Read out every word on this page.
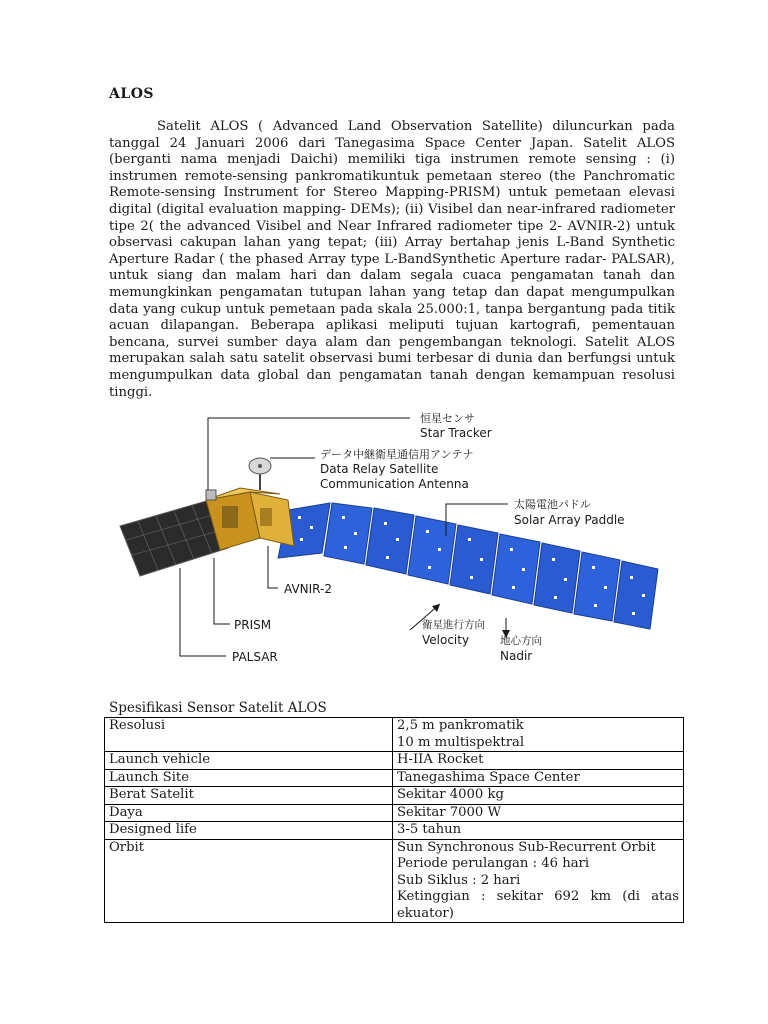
ALOS

Satelit ALOS ( Advanced Land Observation Satellite) diluncurkan pada tanggal 24 Januari 2006 dari Tanegasima Space Center Japan. Satelit ALOS (berganti nama menjadi Daichi) memiliki tiga instrumen remote sensing : (i) instrumen remote-sensing pankromatikuntuk pemetaan stereo (the Panchromatic Remote-sensing Instrument for Stereo Mapping-PRISM) untuk pemetaan elevasi digital (digital evaluation mapping- DEMs); (ii) Visibel dan near-infrared radiometer tipe 2( the advanced Visibel and Near Infrared radiometer tipe 2- AVNIR-2) untuk observasi cakupan lahan yang tepat; (iii) Array bertahap jenis L-Band Synthetic Aperture Radar ( the phased Array type L-BandSynthetic Aperture radar- PALSAR), untuk siang dan malam hari dan dalam segala cuaca pengamatan tanah dan memungkinkan pengamatan tutupan lahan yang tetap dan dapat mengumpulkan data yang cukup untuk pemetaan pada skala 25.000:1, tanpa bergantung pada titik acuan dilapangan. Beberapa aplikasi meliputi tujuan kartografi, pementauan bencana, survei sumber daya alam dan pengembangan teknologi. Satelit ALOS merupakan salah satu satelit observasi bumi terbesar di dunia dan berfungsi untuk mengumpulkan data global dan pengamatan tanah dengan kemampuan resolusi tinggi.

恒星センサ
Star Tracker
データ中継衛星通信用アンテナ
Data Relay Satellite
Communication Antenna
太陽電池パドル
Solar Array Paddle
AVNIR-2
PRISM
PALSAR
衛星進行方向
Velocity	地心方向
Nadir
Spesifikasi Sensor Satelit ALOS
Resolusi	2,5 m pankromatik
10 m multispektral

Launch vehicle	H-IIA Rocket

Launch Site	Tanegashima Space Center

Berat Satelit	Sekitar 4000 kg

Daya	Sekitar 7000 W

Designed life	3-5 tahun

Orbit	Sun Synchronous Sub-Recurrent Orbit
Periode perulangan : 46 hari
Sub Siklus : 2 hari
Ketinggian : sekitar 692 km (di atas ekuator)
